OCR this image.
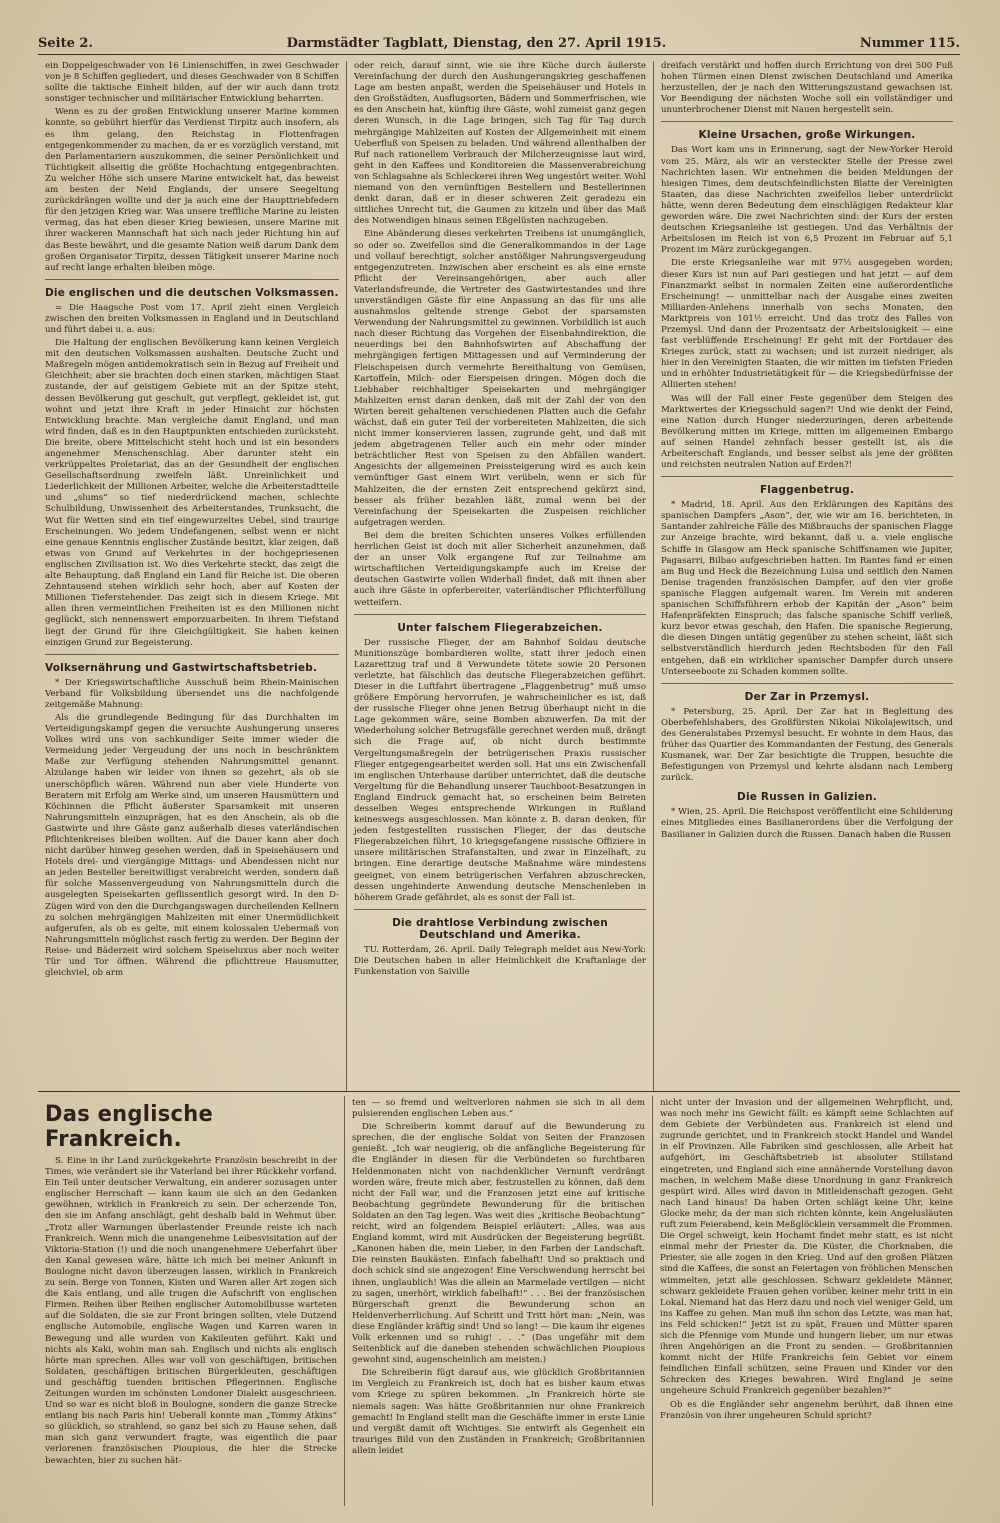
Seite 2.	Darmstädter Tagblatt, Dienstag, den 27. April 1915.	Nummer 115.

ein Doppelgeschwader von 16 Linienschiffen, in zwei Geschwader von je 8 Schiffen gegliedert, und dieses Geschwader von 8 Schiffen sollte die taktische Einheit bilden, auf der wir auch dann trotz sonstiger technischer und militärischer Entwicklung beharrten.

Wenn es zu der großen Entwicklung unserer Marine kommen konnte, so gebührt hierfür das Verdienst Tirpitz auch insofern, als es ihm gelang, den Reichstag in Flottenfragen entgegenkommender zu machen, da er es vorzüglich verstand, mit den Parlamentariern auszukommen, die seiner Persönlichkeit und Tüchtigkeit allseitig die größte Hochachtung entgegenbrachten. Zu welcher Höhe sich unsere Marine entwickelt hat, das beweist am besten der Neid Englands, der unsere Seegeltung zurückdrängen wollte und der ja auch eine der Haupttriebfedern für den jetzigen Krieg war. Was unsere treffliche Marine zu leisten vermag, das hat eben dieser Krieg bewiesen, unsere Marine mit ihrer wackeren Mannschaft hat sich nach jeder Richtung hin auf das Beste bewährt, und die gesamte Nation weiß darum Dank dem großen Organisator Tirpitz, dessen Tätigkeit unserer Marine noch auf recht lange erhalten bleiben möge.

Die englischen und die deutschen Volksmassen.

= Die Haagsche Post vom 17. April zieht einen Vergleich zwischen den breiten Volksmassen in England und in Deutschland und führt dabei u. a. aus:

Die Haltung der englischen Bevölkerung kann keinen Vergleich mit den deutschen Volksmassen aushalten. Deutsche Zucht und Maßregeln mögen antidemokratisch sein in Bezug auf Freiheit und Gleichheit; aber sie brachten doch einen starken, mächtigen Staat zustande, der auf geistigem Gebiete mit an der Spitze steht, dessen Bevölkerung gut geschult, gut verpflegt, gekleidet ist, gut wohnt und jetzt ihre Kraft in jeder Hinsicht zur höchsten Entwicklung brachte. Man vergleiche damit England, und man wird finden, daß es in den Hauptpunkten entschieden zurücksteht. Die breite, obere Mittelschicht steht hoch und ist ein besonders angenehmer Menschenschlag. Aber darunter steht ein verkrüppeltes Proletariat, das an der Gesundheit der englischen Gesellschaftsordnung zweifeln läßt. Unreinlichkeit und Liederlichkeit der Millionen Arbeiter, welche die Arbeiterstadtteile und „slums“ so tief niederdrückend machen, schlechte Schulbildung, Unwissenheit des Arbeiterstandes, Trunksucht, die Wut für Wetten sind ein tief eingewurzeltes Uebel, sind traurige Erscheinungen. Wo jedem Undefangenen, selbst wenn er nicht eine genaue Kenntnis englischer Zustände besitzt, klar zeigen, daß etwas von Grund auf Verkehrtes in der hochgepriesenen englischen Zivilisation ist. Wo dies Verkehrte steckt, das zeigt die alte Behauptung, daß England ein Land für Reiche ist. Die oberen Zehntausend stehen wirklich sehr hoch, aber auf Kosten der Millionen Tieferstehender. Das zeigt sich in diesem Kriege. Mit allen ihren vermeintlichen Freiheiten ist es den Millionen nicht geglückt, sich nennenswert emporzuarbeiten. In ihrem Tiefstand liegt der Grund für ihre Gleichgültigkeit. Sie haben keinen einzigen Grund zur Begeisterung.

Volksernährung und Gastwirtschaftsbetrieb.

* Der Kriegswirtschaftliche Ausschuß beim Rhein-Mainischen Verband für Volksbildung übersendet uns die nachfolgende zeitgemäße Mahnung:

Als die grundlegende Bedingung für das Durchhalten im Verteidigungskampf gegen die versuchte Aushungerung unseres Volkes wird uns von sachkundiger Seite immer wieder die Vermeidung jeder Vergeudung der uns noch in beschränktem Maße zur Verfügung stehenden Nahrungsmittel genannt. Alzulange haben wir leider von ihnen so gezehrt, als ob sie unerschöpflich wären. Während nun aber viele Hunderte von Beratern mit Erfolg am Werke sind, um unseren Hausmüttern und Köchinnen die Pflicht äußerster Sparsamkeit mit unseren Nahrungsmitteln einzuprägen, hat es den Anschein, als ob die Gastwirte und ihre Gäste ganz außerhalb dieses vaterländischen Pflichtenkreises bleiben wollten. Auf die Dauer kann aber doch nicht darüber hinweg gesehen werden, daß in Speisehäusern und Hotels drei- und viergängige Mittags- und Abendessen nicht nur an jeden Besteller bereitwilligst verabreicht werden, sondern daß für solche Massenvergeudung von Nahrungsmitteln durch die ausgelegten Speisekarten geflissentlich gesorgt wird. In den D-Zügen wird von den die Durchgangswagen durcheilenden Kellnern zu solchen mehrgängigen Mahlzeiten mit einer Unermüdlichkeit aufgerufen, als ob es gelte, mit einem kolossalen Uebermaß von Nahrungsmitteln möglichst rasch fertig zu werden. Der Beginn der Reise- und Bäderzeit wird solchem Speiseluxus aber noch weiter Tür und Tor öffnen. Während die pflichttreue Hausmutter, gleichviel, ob arm

oder reich, darauf sinnt, wie sie ihre Küche durch äußerste Vereinfachung der durch den Aushungerungskrieg geschaffenen Lage am besten anpaßt, werden die Speisehäuser und Hotels in den Großstädten, Ausflugsorten, Bädern und Sommerfrischen, wie es den Anschein hat, künftig ihre Gäste, wohl zumeist ganz gegen deren Wunsch, in die Lage bringen, sich Tag für Tag durch mehrgängige Mahlzeiten auf Kosten der Allgemeinheit mit einem Ueberfluß von Speisen zu beladen. Und während allenthalben der Ruf nach rationellem Verbrauch der Milcherzeugnisse laut wird, geht in den Kaffees und Konditoreien die Massenverabreichung von Schlagsahne als Schleckerei ihren Weg ungestört weiter. Wohl niemand von den vernünftigen Bestellern und Bestellerinnen denkt daran, daß er in dieser schweren Zeit geradezu ein sittliches Unrecht tut, die Gaumen zu kitzeln und über das Maß des Notwendigen hinaus seinen Eßgelüsten nachzugeben.

Eine Abänderung dieses verkehrten Treibens ist unumgänglich, so oder so. Zweifellos sind die Generalkommandos in der Lage und vollauf berechtigt, solcher anstößiger Nahrungsvergeudung entgegenzutreten. Inzwischen aber erscheint es als eine ernste Pflicht der Vereinsangehörigen, aber auch aller Vaterlandsfreunde, die Vertreter des Gastwirtestandes und ihre unverständigen Gäste für eine Anpassung an das für uns alle ausnahmslos geltende strenge Gebot der sparsamsten Verwendung der Nahrungsmittel zu gewinnen. Vorbildlich ist auch nach dieser Richtung das Vorgehen der Eisenbahndirektion, die neuerdings bei den Bahnhofswirten auf Abschaffung der mehrgängigen fertigen Mittagessen und auf Verminderung der Fleischspeisen durch vermehrte Bereithaltung von Gemüsen, Kartoffeln, Milch- oder Eierspeisen dringen. Mögen doch die Liebhaber reichhaltiger Speisekarten und mehrgängiger Mahlzeiten ernst daran denken, daß mit der Zahl der von den Wirten bereit gehaltenen verschiedenen Platten auch die Gefahr wächst, daß ein guter Teil der vorbereiteten Mahlzeiten, die sich nicht immer konservieren lassen, zugrunde geht, und daß mit jedem abgetragenen Teller auch ein mehr oder minder beträchtlicher Rest von Speisen zu den Abfällen wandert. Angesichts der allgemeinen Preissteigerung wird es auch kein vernünftiger Gast einem Wirt verübeln, wenn er sich für Mahlzeiten, die der ernsten Zeit entsprechend gekürzt sind, besser als früher bezahlen läßt, zumal wenn bei der Vereinfachung der Speisekarten die Zuspeisen reichlicher aufgetragen werden.

Bei dem die breiten Schichten unseres Volkes erfüllenden herrlichen Geist ist doch mit aller Sicherheit anzunehmen, daß der an unser Volk ergangene Ruf zur Teilnahme am wirtschaftlichen Verteidigungskampfe auch im Kreise der deutschen Gastwirte vollen Widerhall findet, daß mit ihnen aber auch ihre Gäste in opferbereiter, vaterländischer Pflichterfüllung wetteifern.

Unter falschem Fliegerabzeichen.

Der russische Flieger, der am Bahnhof Soldau deutsche Munitionszüge bombardieren wollte, statt ihrer jedoch einen Lazarettzug traf und 8 Verwundete tötete sowie 20 Personen verletzte, hat fälschlich das deutsche Fliegerabzeichen geführt. Dieser in die Luftfahrt übertragene „Flaggenbetrug“ muß umso größere Empörung hervorrufen, je wahrscheinlicher es ist, daß der russische Flieger ohne jenen Betrug überhaupt nicht in die Lage gekommen wäre, seine Bomben abzuwerfen. Da mit der Wiederholung solcher Betrugsfälle gerechnet werden muß, drängt sich die Frage auf, ob nicht durch bestimmte Vergeltungsmaßregeln der betrügerischen Praxis russischer Flieger entgegengearbeitet werden soll. Hat uns ein Zwischenfall im englischen Unterhause darüber unterrichtet, daß die deutsche Vergeltung für die Behandlung unserer Tauchboot-Besatzungen in England Eindruck gemacht hat, so erscheinen beim Beireten desselben Weges entsprechende Wirkungen in Rußland keineswegs ausgeschlossen. Man könnte z. B. daran denken, für jeden festgestellten russischen Flieger, der das deutsche Fliegerabzeichen führt, 10 kriegsgefangene russische Offiziere in unsere militärischen Strafanstalten, und zwar in Einzelhaft, zu bringen. Eine derartige deutsche Maßnahme wäre mindestens geeignet, von einem betrügerischen Verfahren abzuschrecken, dessen ungehinderte Anwendung deutsche Menschenleben in höherem Grade gefährdet, als es sonst der Fall ist.

Die drahtlose Verbindung zwischen Deutschland und Amerika.

TU. Rotterdam, 26. April. Daily Telegraph meldet aus New-York: Die Deutschen haben in aller Heimlichkeit die Kraftanlage der Funkenstation von Saiville

dreifach verstärkt und hoffen durch Errichtung von drei 500 Fuß hohen Türmen einen Dienst zwischen Deutschland und Amerika herzustellen, der je nach den Witterungszustand gewachsen ist. Vor Beendigung der nächsten Woche soll ein vollständiger und ununterbrochener Dienst mit Nauen hergestellt sein.

Kleine Ursachen, große Wirkungen.

Das Wort kam uns in Erinnerung, sagt der New-Yorker Herold vom 25. März, als wir an versteckter Stelle der Presse zwei Nachrichten lasen. Wir entnehmen die beiden Meldungen der hiesigen Times, dem deutschfeindlichsten Blatte der Vereinigten Staaten, das diese Nachrichten zweifellos lieber unterdrückt hätte, wenn deren Bedeutung dem einschlägigen Redakteur klar geworden wäre. Die zwei Nachrichten sind: der Kurs der ersten deutschen Kriegsanleihe ist gestiegen. Und das Verhältnis der Arbeitslosen im Reich ist von 6,5 Prozent im Februar auf 5,1 Prozent im März zurückgegangen.

Die erste Kriegsanleihe war mit 97½ ausgegeben worden; dieser Kurs ist nun auf Pari gestiegen und hat jetzt — auf dem Finanzmarkt selbst in normalen Zeiten eine außerordentliche Erscheinung! — unmittelbar nach der Ausgabe eines zweiten Milliarden-Anlehens innerhalb von sechs Monaten, den Marktpreis von 101½ erreicht. Und das trotz des Falles von Przemysl. Und dann der Prozentsatz der Arbeitslosigkeit — eine fast verblüffende Erscheinung! Er geht mit der Fortdauer des Krieges zurück, statt zu wachsen; und ist zurzeit niedriger, als hier in den Vereinigten Staaten, die wir mitten im tiefsten Frieden und in erhöhter Industrietätigkeit für — die Kriegsbedürfnisse der Alliierten stehen!

Was will der Fall einer Feste gegenüber dem Steigen des Marktwertes der Kriegsschuld sagen?! Und wie denkt der Feind, eine Nation durch Hunger niederzuringen, deren arbeitende Bevölkerung mitten im Kriege, mitten im allgemeinen Embargo auf seinen Handel zehnfach besser gestellt ist, als die Arbeiterschaft Englands, und besser selbst als jene der größten und reichsten neutralen Nation auf Erden?!

Flaggenbetrug.

* Madrid, 18. April. Aus den Erklärungen des Kapitäns des spanischen Dampfers „Ason“, der, wie wir am 16. berichteten, in Santander zahlreiche Fälle des Mißbrauchs der spanischen Flagge zur Anzeige brachte, wird bekannt, daß u. a. viele englische Schiffe in Glasgow am Heck spanische Schiffsnamen wie Jupiter, Pagasarri, Bilbao aufgeschrieben hatten. Im Rantes fand er einen am Bug und Heck die Bezeichnung Luisa und seitlich den Namen Denise tragenden französischen Dampfer, auf den vier große spanische Flaggen aufgemalt waren. Im Verein mit anderen spanischen Schiffsführern erhob der Kapitän der „Ason“ beim Hafenpräfekten Einspruch; das falsche spanische Schiff verließ, kurz bevor etwas geschah, den Hafen. Die spanische Regierung, die diesen Dingen untätig gegenüber zu stehen scheint, läßt sich selbstverständlich hierdurch jeden Rechtsboden für den Fall entgehen, daß ein wirklicher spanischer Dampfer durch unsere Unterseeboote zu Schaden kommen sollte.

Der Zar in Przemysl.

* Petersburg, 25. April. Der Zar hat in Begleitung des Oberbefehlshabers, des Großfürsten Nikolai Nikolajewitsch, und des Generalstabes Przemysl besucht. Er wohnte in dem Haus, das früher das Quartier des Kommandanten der Festung, des Generals Kusmanek, war. Der Zar besichtigte die Truppen, besuchte die Befestigungen von Przemysl und kehrte alsdann nach Lemberg zurück.

Die Russen in Galizien.

* Wien, 25. April. Die Reichspost veröffentlicht eine Schilderung eines Mitgliedes eines Basilianerordens über die Verfolgung der Basilianer in Galizien durch die Russen. Danach haben die Russen

Das englische Frankreich.

S. Eine in ihr Land zurückgekehrte Französin beschreibt in der Times, wie verändert sie ihr Vaterland bei ihrer Rückkehr vorfand. Ein Teil unter deutscher Verwaltung, ein anderer sozusagen unter englischer Herrschaft — kann kaum sie sich an den Gedanken gewöhnen, wirklich in Frankreich zu sein. Der scherzende Ton, den sie im Anfang anschlägt, geht deshalb bald in Wehmut über. „Trotz aller Warnungen überlastender Freunde reiste ich nach Frankreich. Wenn mich die unangenehme Leibesvisitation auf der Viktoria-Station (!) und die noch unangenehmere Ueberfahrt über den Kanal gewesen wäre, hätte ich mich bei meiner Ankunft in Boulogne nicht davon überzeugen lassen, wirklich in Frankreich zu sein. Berge von Tonnen, Kisten und Waren aller Art zogen sich die Kais entlang, und alle trugen die Aufschrift von englischen Firmen. Reihen über Reihen englischer Automobilbusse warteten auf die Soldaten, die sie zur Front bringen sollten, viele Dutzend englische Automobile, englische Wagen und Karren waren in Bewegung und alle wurden von Kakileuten geführt. Kaki und nichts als Kaki, wohin man sah. Englisch und nichts als englisch hörte man sprechen. Alles war voll von geschäftigen, britischen Soldaten, geschäftigen britischen Bürgerkleuten, geschäftigen und geschäftig tuenden britischen Pflegerinnen. Englische Zeitungen wurden im schönsten Londoner Dialekt ausgeschrieen. Und so war es nicht bloß in Boulogne, sondern die ganze Strecke entlang bis nach Paris hin! Ueberall konnte man „Tommy Atkins“ so glücklich, so strahlend, so ganz bei sich zu Hause sehen, daß man sich ganz verwundert fragte, was eigentlich die paar verlorenen französischen Pioupious, die hier die Strecke bewachten, hier zu suchen hät-

ten — so fremd und weltverloren nahmen sie sich in all dem pulsierenden englischen Leben aus.“

Die Schreiberin kommt darauf auf die Bewunderung zu sprechen, die der englische Soldat von Seiten der Franzosen genießt. „Ich war neugierig, ob die anfängliche Begeisterung für die Engländer in diesen für die Verbündeten so furchtbaren Heldenmonaten nicht von nachdenklicher Vernunft verdrängt worden wäre, freute mich aber, festzustellen zu können, daß dem nicht der Fall war, und die Franzosen jetzt eine auf kritische Beobachtung gegründete Bewunderung für die britischen Soldaten an den Tag legen. Was weit dies „kritische Beobachtung“ reicht, wird an folgendem Beispiel erläutert: „Alles, was aus England kommt, wird mit Ausdrücken der Begeisterung begrüßt. „Kanonen haben die, mein Lieber, in den Farben der Landschaft. Die reinsten Baukästen. Einfach fabelhaft! Und so praktisch und doch schick sind sie angezogen! Eine Verschwendung herrscht bei ihnen, unglaublich! Was die allein an Marmelade vertilgen — nicht zu sagen, unerhört, wirklich fabelhaft!“ . . . Bei der französischen Bürgerschaft grenzt die Bewunderung schon an Heldenverherrlichung. Auf Schritt und Tritt hört man: „Nein, was diese Engländer kräftig sind! Und so lang! — Die kaum ihr eigenes Volk erkennen und so ruhig! . . .“ (Das ungefähr mit dem Seitenblick auf die daneben stehenden schwächlichen Pioupious gewohnt sind, augenscheinlich am meisten.)

Die Schreiberin fügt darauf aus, wie glücklich Großbritannien im Vergleich zu Frankreich ist, doch hat es bisher kaum etwas vom Kriege zu spüren bekommen. „In Frankreich hörte sie niemals sagen: Was hätte Großbritannien nur ohne Frankreich gemacht! In England stellt man die Geschäfte immer in erste Linie und vergißt damit oft Wichtiges. Sie entwirft als Gegenheit ein trauriges Bild von den Zuständen in Frankreich; Großbritannien allein leidet

nicht unter der Invasion und der allgemeinen Wehrpflicht, und, was noch mehr ins Gewicht fällt: es kämpft seine Schlachten auf dem Gebiete der Verbündeten aus. Frankreich ist elend und zugrunde gerichtet, und in Frankreich stockt Handel und Wandel in elf Provinzen. Alle Fabriken sind geschlossen, alle Arbeit hat aufgehört, im Geschäftsbetrieb ist absoluter Stillstand eingetreten, und England sich eine annähernde Vorstellung davon machen, in welchem Maße diese Unordnung in ganz Frankreich gespürt wird. Alles wird davon in Mitleidenschaft gezogen. Geht nach Land hinaus! Da haben Orten schlägt keine Uhr, keine Glocke mehr, da der man sich richten könnte, kein Angelusläuten ruft zum Feierabend, kein Meßglöcklein versammelt die Frommen. Die Orgel schweigt, kein Hochamt findet mehr statt, es ist nicht einmal mehr der Priester da. Die Küster, die Chorknaben, die Priester, sie alle zogen in den Krieg. Und auf den großen Plätzen sind die Kaffees, die sonst an Feiertagen von fröhlichen Menschen wimmelten, jetzt alle geschlossen. Schwarz gekleidete Männer, schwarz gekleidete Frauen gehen vorüber, keiner mehr tritt in ein Lokal. Niemand hat das Herz dazu und noch viel weniger Geld, um ins Kaffee zu gehen. Man muß ihn schon das Letzte, was man hat, ins Feld schicken!“ Jetzt ist zu spät, Frauen und Mütter sparen sich die Pfennige vom Munde und hungern lieber, um nur etwas ihren Angehörigen an die Front zu senden. — Großbritannien kommt nicht der Hilfe Frankreichs fein Gebiet vor einem feindlichen Einfall schützen, seine Frauen und Kinder vor den Schrecken des Krieges bewahren. Wird England je seine ungeheure Schuld Frankreich gegenüber bezahlen?“

Ob es die Engländer sehr angenehm berührt, daß ihnen eine Französin von ihrer ungeheuren Schuld spricht?
